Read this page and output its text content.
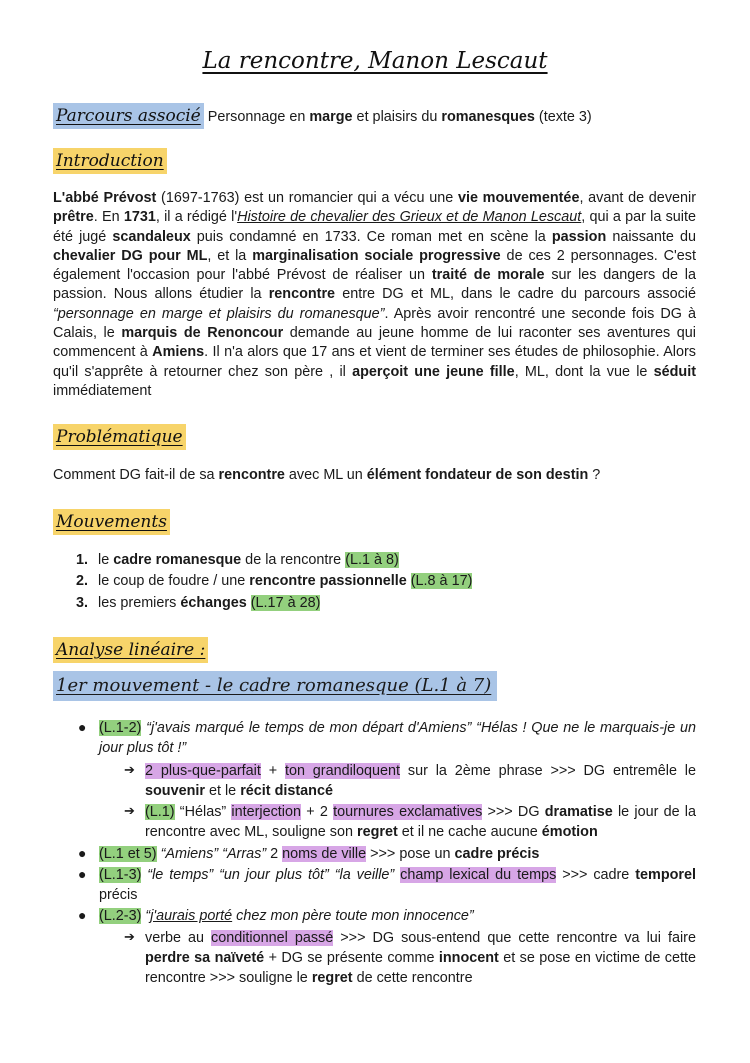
La rencontre, Manon Lescaut
Parcours associé Personnage en marge et plaisirs du romanesques (texte 3)
Introduction

L'abbé Prévost (1697-1763) est un romancier qui a vécu une vie mouvementée, avant de devenir prêtre. En 1731, il a rédigé l'Histoire de chevalier des Grieux et de Manon Lescaut, qui a par la suite été jugé scandaleux puis condamné en 1733. Ce roman met en scène la passion naissante du chevalier DG pour ML, et la marginalisation sociale progressive de ces 2 personnages. C'est également l'occasion pour l'abbé Prévost de réaliser un traité de morale sur les dangers de la passion. Nous allons étudier la rencontre entre DG et ML, dans le cadre du parcours associé “personnage en marge et plaisirs du romanesque”. Après avoir rencontré une seconde fois DG à Calais, le marquis de Renoncour demande au jeune homme de lui raconter ses aventures qui commencent à Amiens. Il n'a alors que 17 ans et vient de terminer ses études de philosophie. Alors qu'il s'apprête à retourner chez son père , il aperçoit une jeune fille, ML, dont la vue le séduit immédiatement

Problématique

Comment DG fait-il de sa rencontre avec ML un élément fondateur de son destin ?

Mouvements

1. le cadre romanesque de la rencontre (L.1 à 8)

2. le coup de foudre / une rencontre passionnelle (L.8 à 17)

3. les premiers échanges (L.17 à 28)

Analyse linéaire :
1er mouvement - le cadre romanesque (L.1 à 7)
● (L.1-2) “j'avais marqué le temps de mon départ d'Amiens” “Hélas ! Que ne le marquais-je un jour plus tôt !”

➔ 2 plus-que-parfait + ton grandiloquent sur la 2ème phrase >>> DG entremêle le souvenir et le récit distancé

➔ (L.1) “Hélas” interjection + 2 tournures exclamatives >>> DG dramatise le jour de la rencontre avec ML, souligne son regret et il ne cache aucune émotion

● (L.1 et 5) “Amiens” “Arras” 2 noms de ville >>> pose un cadre précis

● (L.1-3) “le temps” “un jour plus tôt” “la veille” champ lexical du temps >>> cadre temporel précis

● (L.2-3) “j'aurais porté chez mon père toute mon innocence”

➔ verbe au conditionnel passé >>> DG sous-entend que cette rencontre va lui faire perdre sa naïveté + DG se présente comme innocent et se pose en victime de cette rencontre >>> souligne le regret de cette rencontre
